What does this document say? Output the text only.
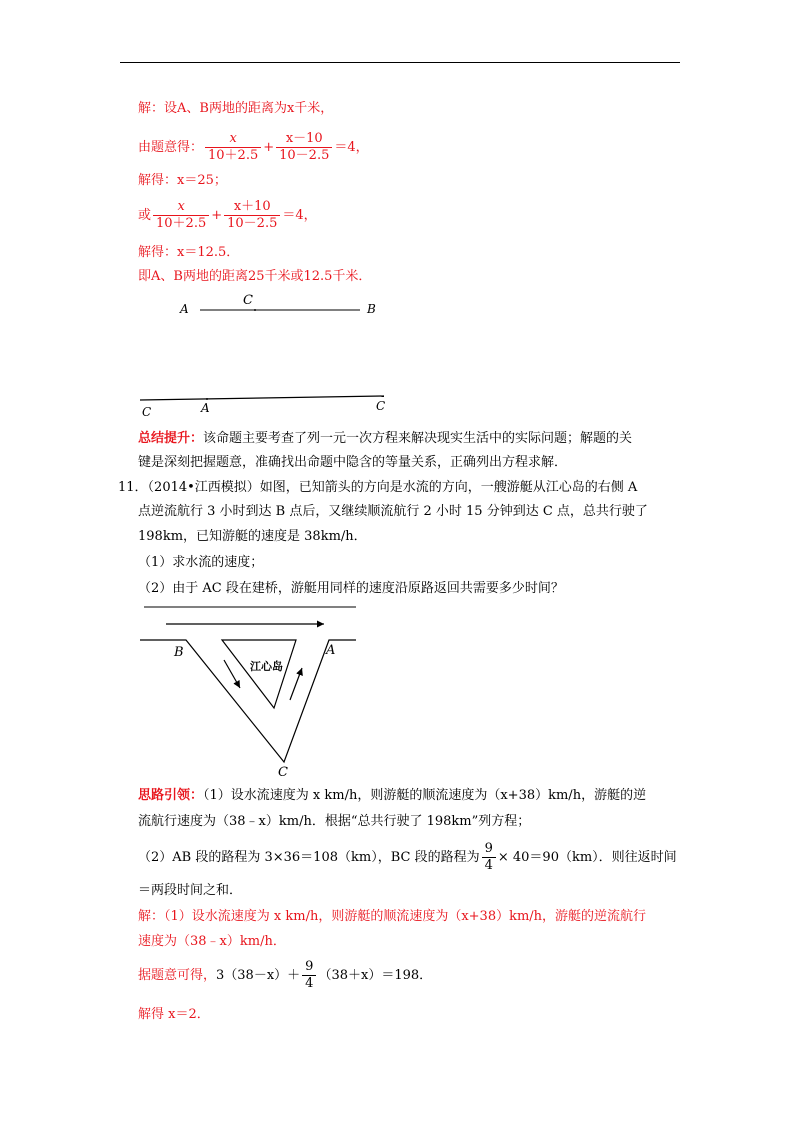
解：设A、B两地的距离为x千米，
由题意得： $\frac{x}{10+2.5} + \frac{x-10}{10-2.5} =4$，
解得：x＝25；
或 $\frac{x}{10+2.5} + \frac{x+10}{10-2.5} =4$，
解得：x＝12.5．
即A、B两地的距离25千米或12.5千米．
A
C
B
C	A	C
总结提升：该命题主要考查了列一元一次方程来解决现实生活中的实际问题；解题的关
键是深刻把握题意，准确找出命题中隐含的等量关系，正确列出方程求解．
11．（2014•江西模拟）如图，已知箭头的方向是水流的方向，一艘游艇从江心岛的右侧 A
点逆流航行 3 小时到达 B 点后，又继续顺流航行 2 小时 15 分钟到达 C 点，总共行驶了
198km，已知游艇的速度是 38km/h．
（1）求水流的速度；
（2）由于 AC 段在建桥，游艇用同样的速度沿原路返回共需要多少时间？
B
江心岛
A
C
思路引领：（1）设水流速度为 x km/h，则游艇的顺流速度为（x+38）km/h，游艇的逆
流航行速度为（38﹣x）km/h．根据“总共行驶了 198km”列方程；
（2）AB 段的路程为 3×36＝108（km），BC 段的路程为 $\frac{9}{4} \times 40=90(km)$．则往返时间
＝两段时间之和．
解：（1）设水流速度为 x km/h，则游艇的顺流速度为（x+38）km/h，游艇的逆流航行
速度为（38﹣x）km/h．
据题意可得，$3(38-x)+ \frac{9}{4} (38+x)=198$．
解得 x＝2．
